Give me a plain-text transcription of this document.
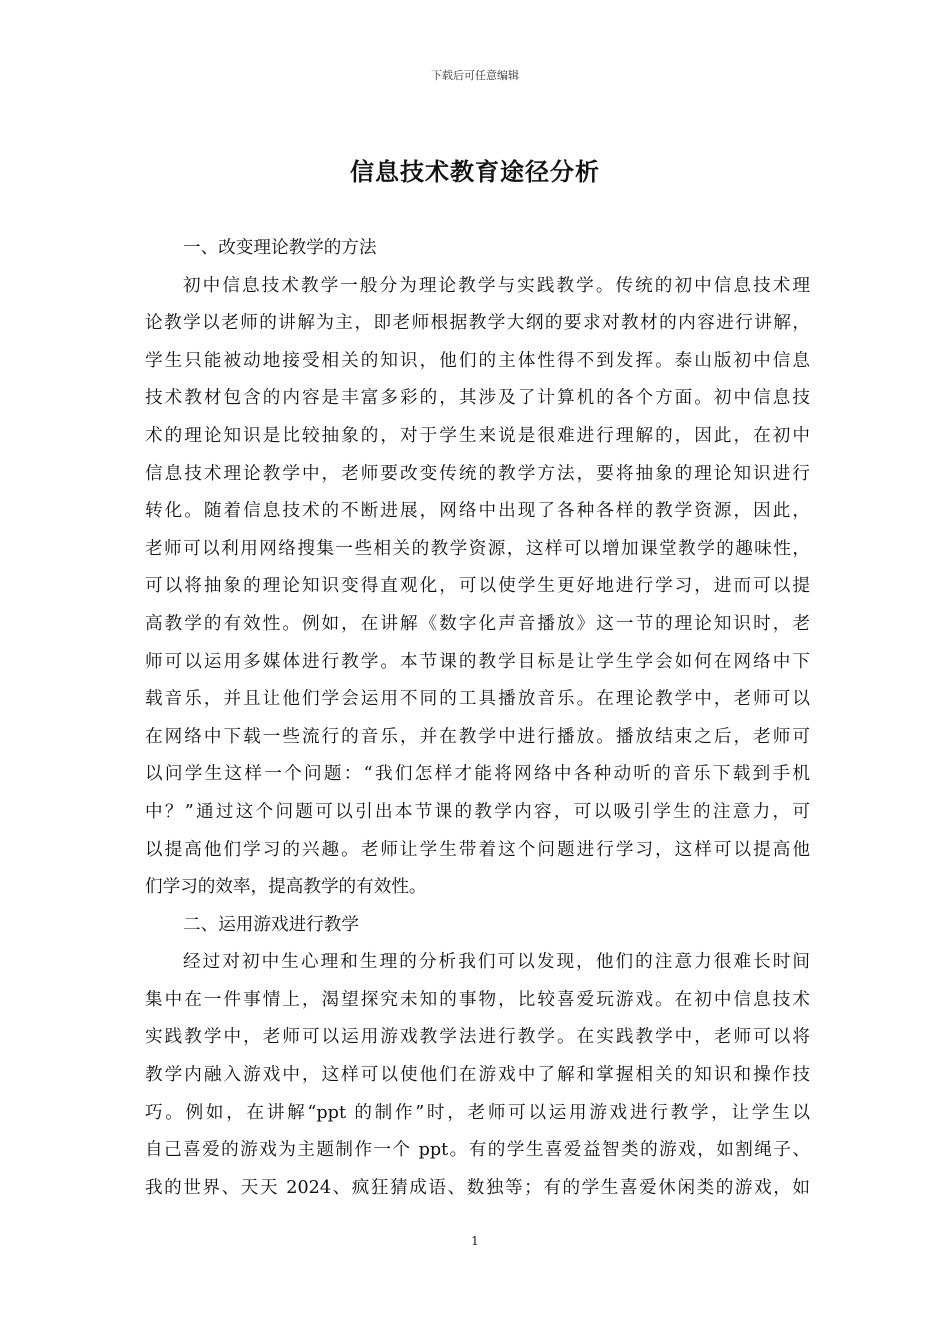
下载后可任意编辑
信息技术教育途径分析
一、改变理论教学的方法
初中信息技术教学一般分为理论教学与实践教学。传统的初中信息技术理
论教学以老师的讲解为主，即老师根据教学大纲的要求对教材的内容进行讲解，
学生只能被动地接受相关的知识，他们的主体性得不到发挥。泰山版初中信息
技术教材包含的内容是丰富多彩的，其涉及了计算机的各个方面。初中信息技
术的理论知识是比较抽象的，对于学生来说是很难进行理解的，因此，在初中
信息技术理论教学中，老师要改变传统的教学方法，要将抽象的理论知识进行
转化。随着信息技术的不断进展，网络中出现了各种各样的教学资源，因此，
老师可以利用网络搜集一些相关的教学资源，这样可以增加课堂教学的趣味性，
可以将抽象的理论知识变得直观化，可以使学生更好地进行学习，进而可以提
高教学的有效性。例如，在讲解《数字化声音播放》这一节的理论知识时，老
师可以运用多媒体进行教学。本节课的教学目标是让学生学会如何在网络中下
载音乐，并且让他们学会运用不同的工具播放音乐。在理论教学中，老师可以
在网络中下载一些流行的音乐，并在教学中进行播放。播放结束之后，老师可
以问学生这样一个问题：“我们怎样才能将网络中各种动听的音乐下载到手机
中？”通过这个问题可以引出本节课的教学内容，可以吸引学生的注意力，可
以提高他们学习的兴趣。老师让学生带着这个问题进行学习，这样可以提高他
们学习的效率，提高教学的有效性。
二、运用游戏进行教学
经过对初中生心理和生理的分析我们可以发现，他们的注意力很难长时间
集中在一件事情上，渴望探究未知的事物，比较喜爱玩游戏。在初中信息技术
实践教学中，老师可以运用游戏教学法进行教学。在实践教学中，老师可以将
教学内融入游戏中，这样可以使他们在游戏中了解和掌握相关的知识和操作技
巧。例如，在讲解“ppt 的制作”时，老师可以运用游戏进行教学，让学生以
自己喜爱的游戏为主题制作一个 ppt。有的学生喜爱益智类的游戏，如割绳子、
我的世界、天天 2024、疯狂猜成语、数独等；有的学生喜爱休闲类的游戏，如
1
